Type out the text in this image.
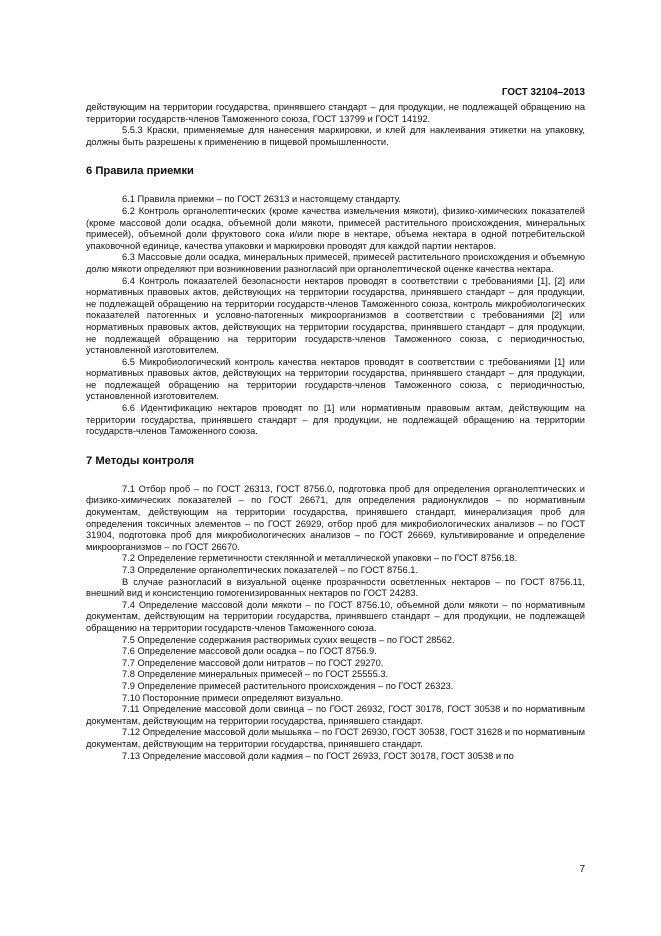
ГОСТ 32104–2013

действующим на территории государства, принявшего стандарт – для продукции, не подлежащей обращению на территории государств-членов Таможенного союза, ГОСТ 13799 и ГОСТ 14192.

5.5.3 Краски, применяемые для нанесения маркировки, и клей для наклеивания этикетки на упаковку, должны быть разрешены к применению в пищевой промышленности.

6 Правила приемки

6.1 Правила приемки – по ГОСТ 26313 и настоящему стандарту.

6.2 Контроль органолептических (кроме качества измельчения мякоти), физико-химических показателей (кроме массовой доли осадка, объемной доли мякоти, примесей растительного происхождения, минеральных примесей), объемной доли фруктового сока и/или пюре в нектаре, объема нектара в одной потребительской упаковочной единице, качества упаковки и маркировки проводят для каждой партии нектаров.

6.3 Массовые доли осадка, минеральных примесей, примесей растительного происхождения и объемную долю мякоти определяют при возникновении разногласий при органолептической оценке качества нектара.

6.4 Контроль показателей безопасности нектаров проводят в соответствии с требованиями [1], [2] или нормативных правовых актов, действующих на территории государства, принявшего стандарт – для продукции, не подлежащей обращению на территории государств-членов Таможенного союза, контроль микробиологических показателей патогенных и условно-патогенных микроорганизмов в соответствии с требованиями [2] или нормативных правовых актов, действующих на территории государства, принявшего стандарт – для продукции, не подлежащей обращению на территории государств-членов Таможенного союза, с периодичностью, установленной изготовителем.

6.5 Микробиологический контроль качества нектаров проводят в соответствии с требованиями [1] или нормативных правовых актов, действующих на территории государства, принявшего стандарт – для продукции, не подлежащей обращению на территории государств-членов Таможенного союза, с периодичностью, установленной изготовителем.

6.6 Идентификацию нектаров проводят по [1] или нормативным правовым актам, действующим на территории государства, принявшего стандарт – для продукции, не подлежащей обращению на территории государств-членов Таможенного союза.

7 Методы контроля

7.1 Отбор проб – по ГОСТ 26313, ГОСТ 8756.0, подготовка проб для определения органолептических и физико-химических показателей – по ГОСТ 26671, для определения радионуклидов – по нормативным документам, действующим на территории государства, принявшего стандарт, минерализация проб для определения токсичных элементов – по ГОСТ 26929, отбор проб для микробиологических анализов – по ГОСТ 31904, подготовка проб для микробиологических анализов – по ГОСТ 26669, культивирование и определение микроорганизмов – по ГОСТ 26670.

7.2 Определение герметичности стеклянной и металлической упаковки – по ГОСТ 8756.18.

7.3 Определение органолептических показателей – по ГОСТ 8756.1.

В случае разногласий в визуальной оценке прозрачности осветленных нектаров – по ГОСТ 8756.11, внешний вид и консистенцию гомогенизированных нектаров по ГОСТ 24283.

7.4 Определение массовой доли мякоти – по ГОСТ 8756.10, объемной доли мякоти – по нормативным документам, действующим на территории государства, принявшего стандарт – для продукции, не подлежащей обращению на территории государств-членов Таможенного союза.

7.5 Определение содержания растворимых сухих веществ – по ГОСТ 28562.

7.6 Определение массовой доли осадка – по ГОСТ 8756.9.

7.7 Определение массовой доли нитратов – по ГОСТ 29270.

7.8 Определение минеральных примесей – по ГОСТ 25555.3.

7.9 Определение примесей растительного происхождения – по ГОСТ 26323.

7.10 Посторонние примеси определяют визуально.

7.11 Определение массовой доли свинца – по ГОСТ 26932, ГОСТ 30178, ГОСТ 30538 и по нормативным документам, действующим на территории государства, принявшего стандарт.

7.12 Определение массовой доли мышьяка – по ГОСТ 26930, ГОСТ 30538, ГОСТ 31628 и по нормативным документам, действующим на территории государства, принявшего стандарт.

7.13 Определение массовой доли кадмия – по ГОСТ 26933, ГОСТ 30178, ГОСТ 30538 и по

7
